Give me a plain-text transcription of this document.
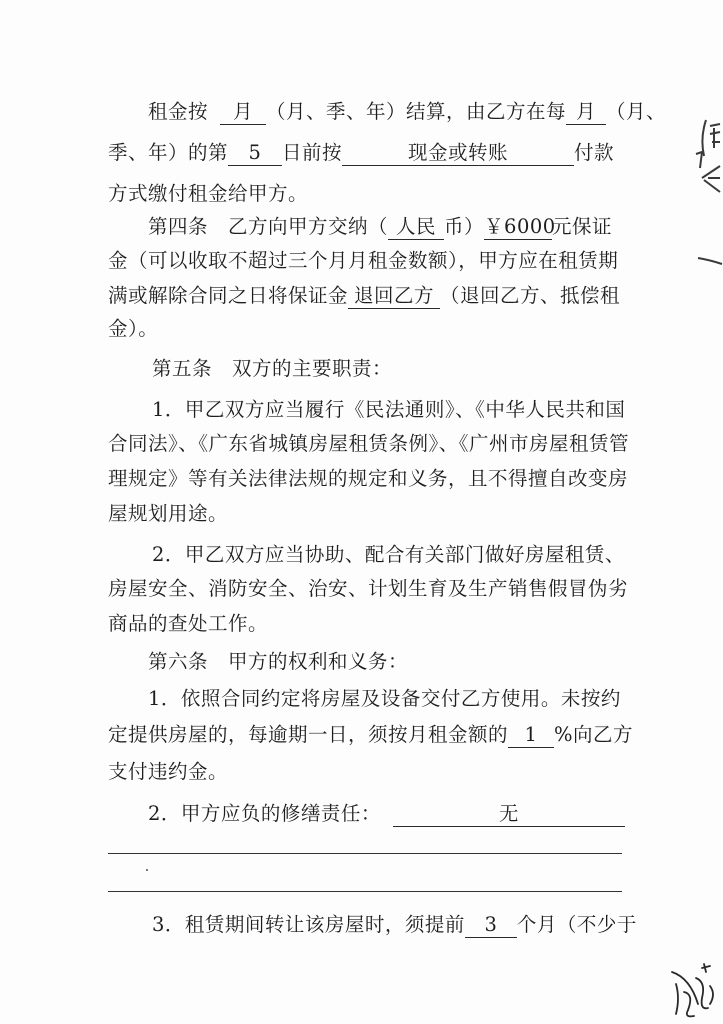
租金按 月 （月、季、年）结算，由乙方在每 月 （月、
季、年）的第 5 日前按	现金或转账	付款
方式缴付租金给甲方。
第四条　乙方向甲方交纳（ 人民 币）￥6000元保证
金（可以收取不超过三个月月租金数额），甲方应在租赁期
满或解除合同之日将保证金 退回乙方 （退回乙方、抵偿租
金）。
第五条　双方的主要职责：
1．甲乙双方应当履行《民法通则》、《中华人民共和国
合同法》、《广东省城镇房屋租赁条例》、《广州市房屋租赁管
理规定》等有关法律法规的规定和义务，且不得擅自改变房
屋规划用途。
2．甲乙双方应当协助、配合有关部门做好房屋租赁、
房屋安全、消防安全、治安、计划生育及生产销售假冒伪劣
商品的查处工作。
第六条　甲方的权利和义务：
1．依照合同约定将房屋及设备交付乙方使用。未按约
定提供房屋的，每逾期一日，须按月租金额的 1 %向乙方
支付违约金。
2．甲方应负的修缮责任：	无
3．租赁期间转让该房屋时，须提前 3 个月（不少于
